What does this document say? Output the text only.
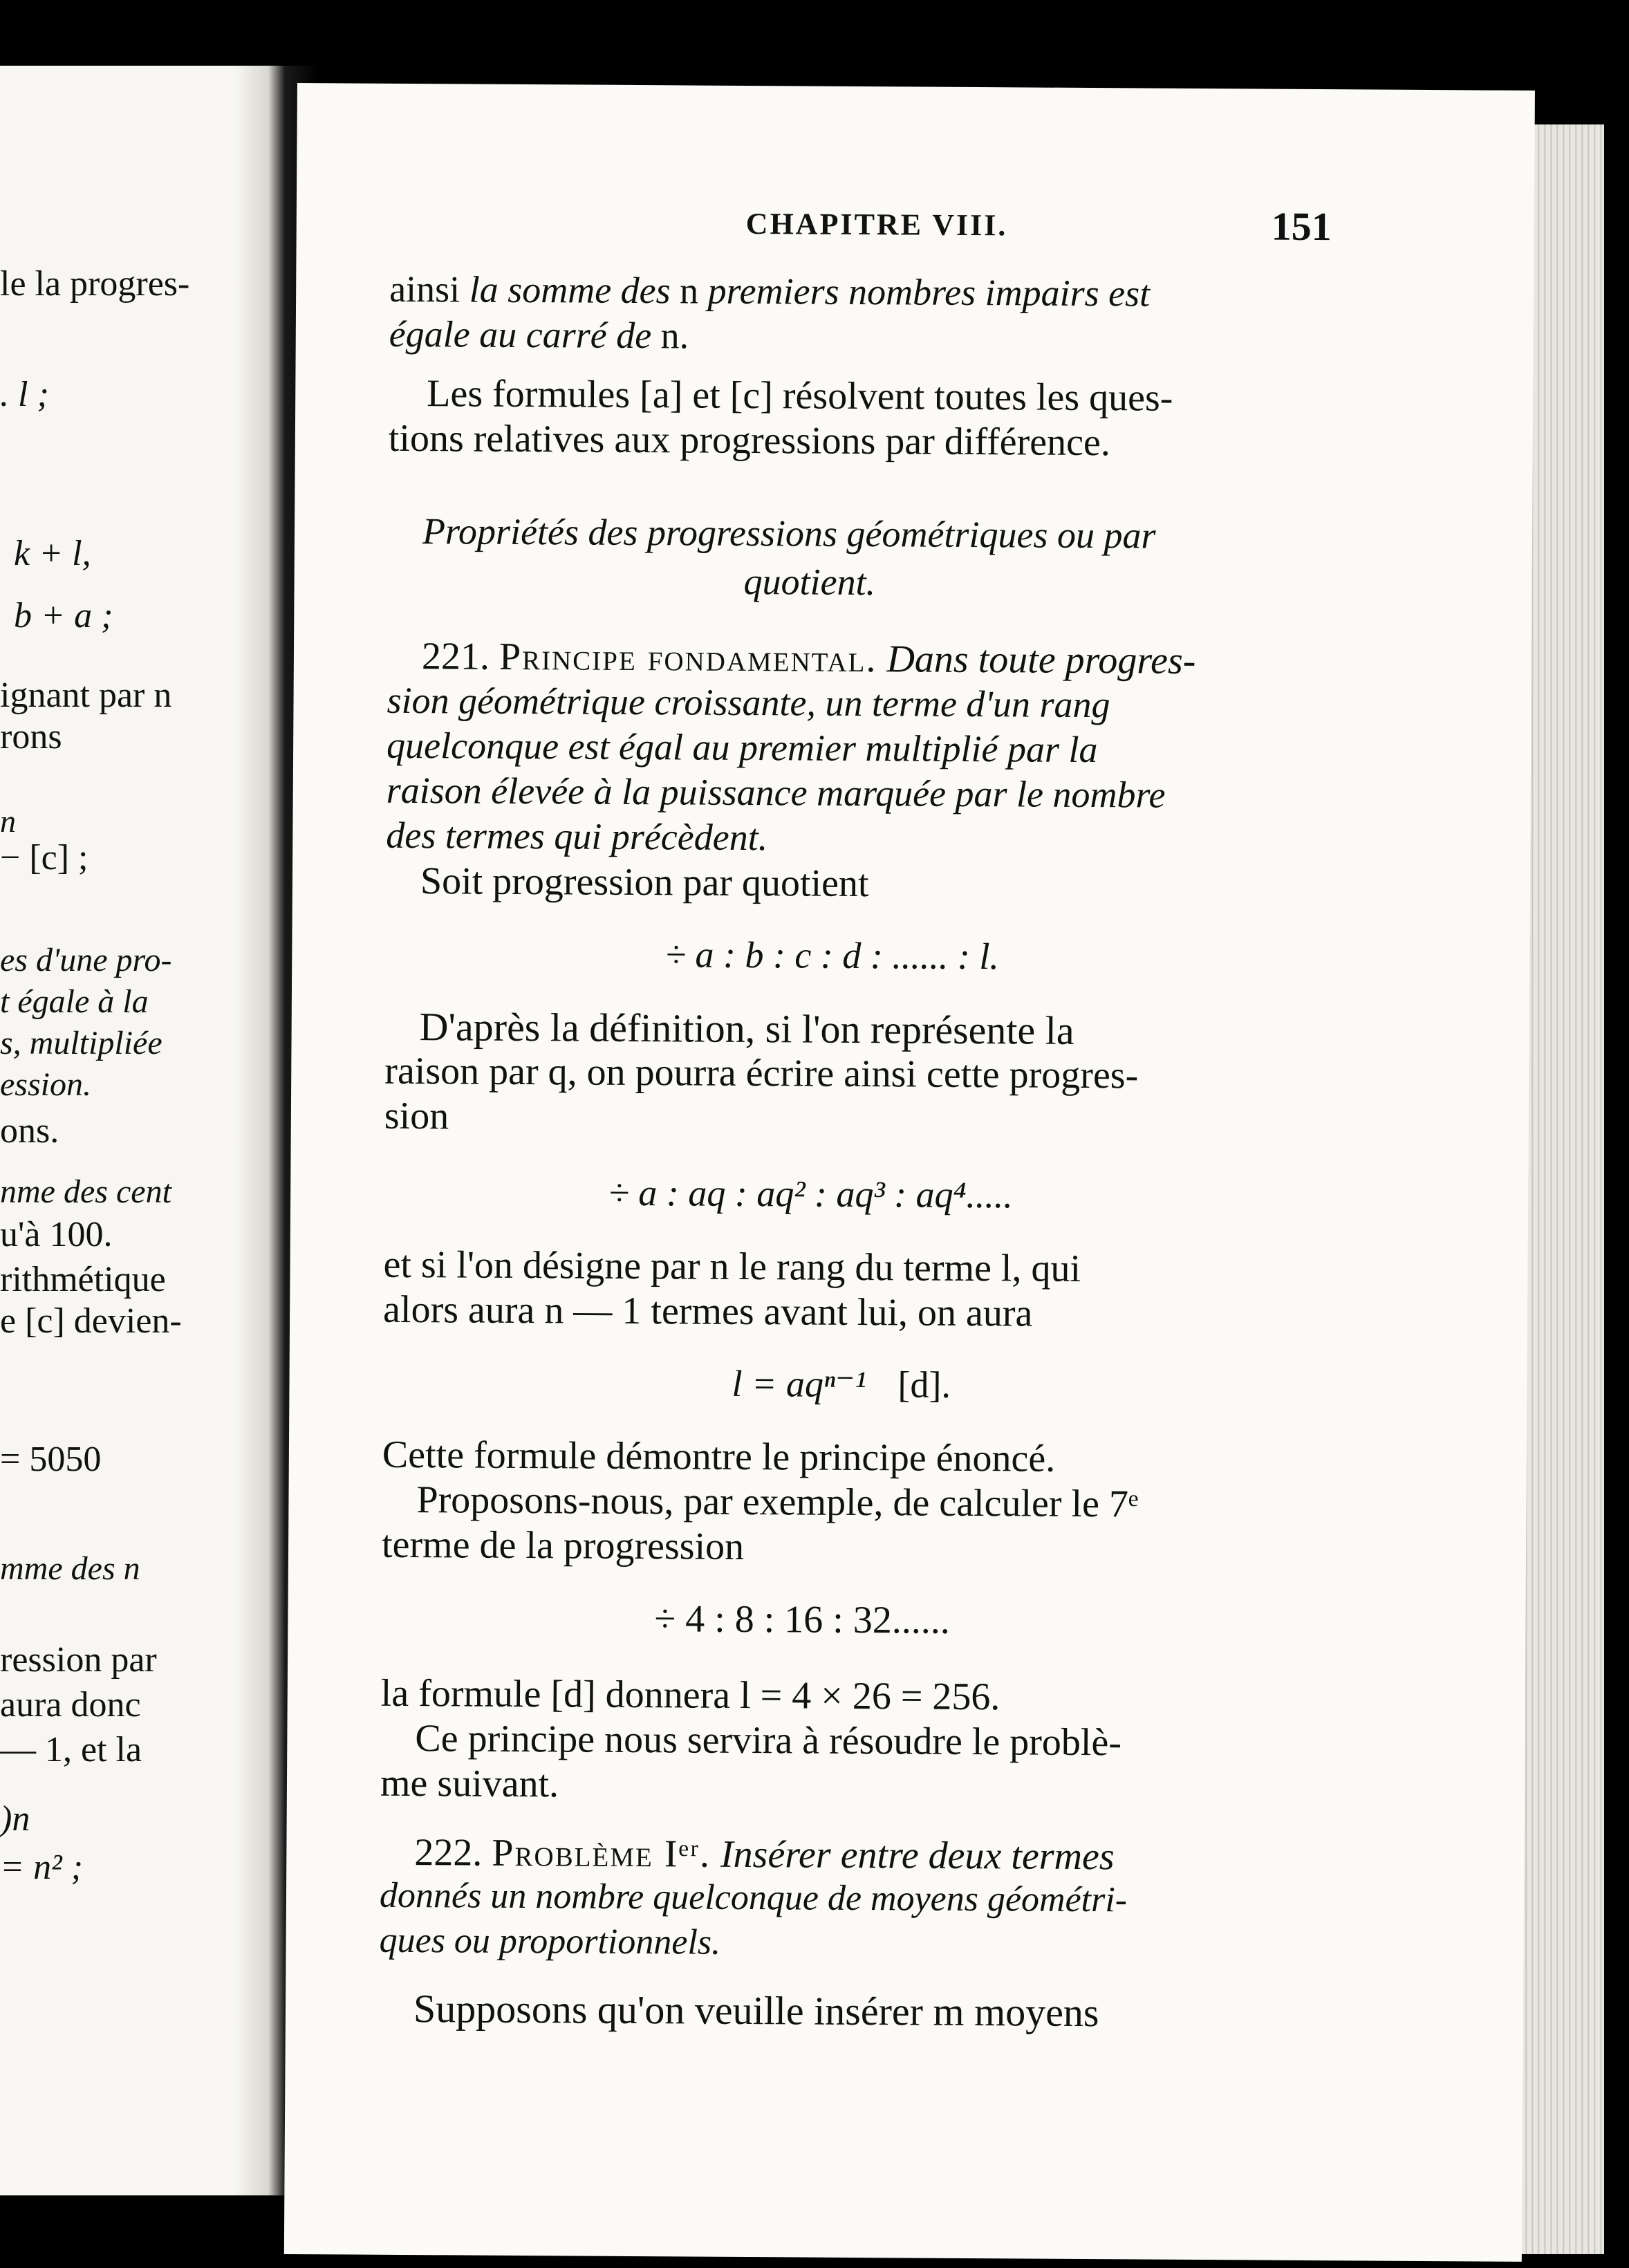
le la progres-
. l ;
k + l,
b + a ;
ignant par n
rons
n
− [c] ;
es d'une pro-
t égale à la
s, multipliée
ession.
ons.
nme des cent
u'à 100.
rithmétique
e [c] devien-
= 5050
mme des n
ression par
aura donc
— 1, et la
)n
= n² ;
CHAPITRE VIII.	151
ainsi la somme des n premiers nombres impairs est
égale au carré de n.
Les formules [a] et [c] résolvent toutes les ques-
tions relatives aux progressions par différence.
Propriétés des progressions géométriques ou par
quotient.
221. Principe fondamental. Dans toute progres-
sion géométrique croissante, un terme d'un rang
quelconque est égal au premier multiplié par la
raison élevée à la puissance marquée par le nombre
des termes qui précèdent.
Soit progression par quotient
÷ a : b : c : d : ...... : l.
D'après la définition, si l'on représente la
raison par q, on pourra écrire ainsi cette progres-
sion
÷ a : aq : aq² : aq³ : aq⁴.....
et si l'on désigne par n le rang du terme l, qui
alors aura n — 1 termes avant lui, on aura
l = aqⁿ⁻¹ [d].
Cette formule démontre le principe énoncé.
Proposons-nous, par exemple, de calculer le 7ᵉ
terme de la progression
÷ 4 : 8 : 16 : 32......
la formule [d] donnera l = 4 × 26 = 256.
Ce principe nous servira à résoudre le problè-
me suivant.
222. Problème Iᵉʳ. Insérer entre deux termes
donnés un nombre quelconque de moyens géométri-
ques ou proportionnels.
Supposons qu'on veuille insérer m moyens
